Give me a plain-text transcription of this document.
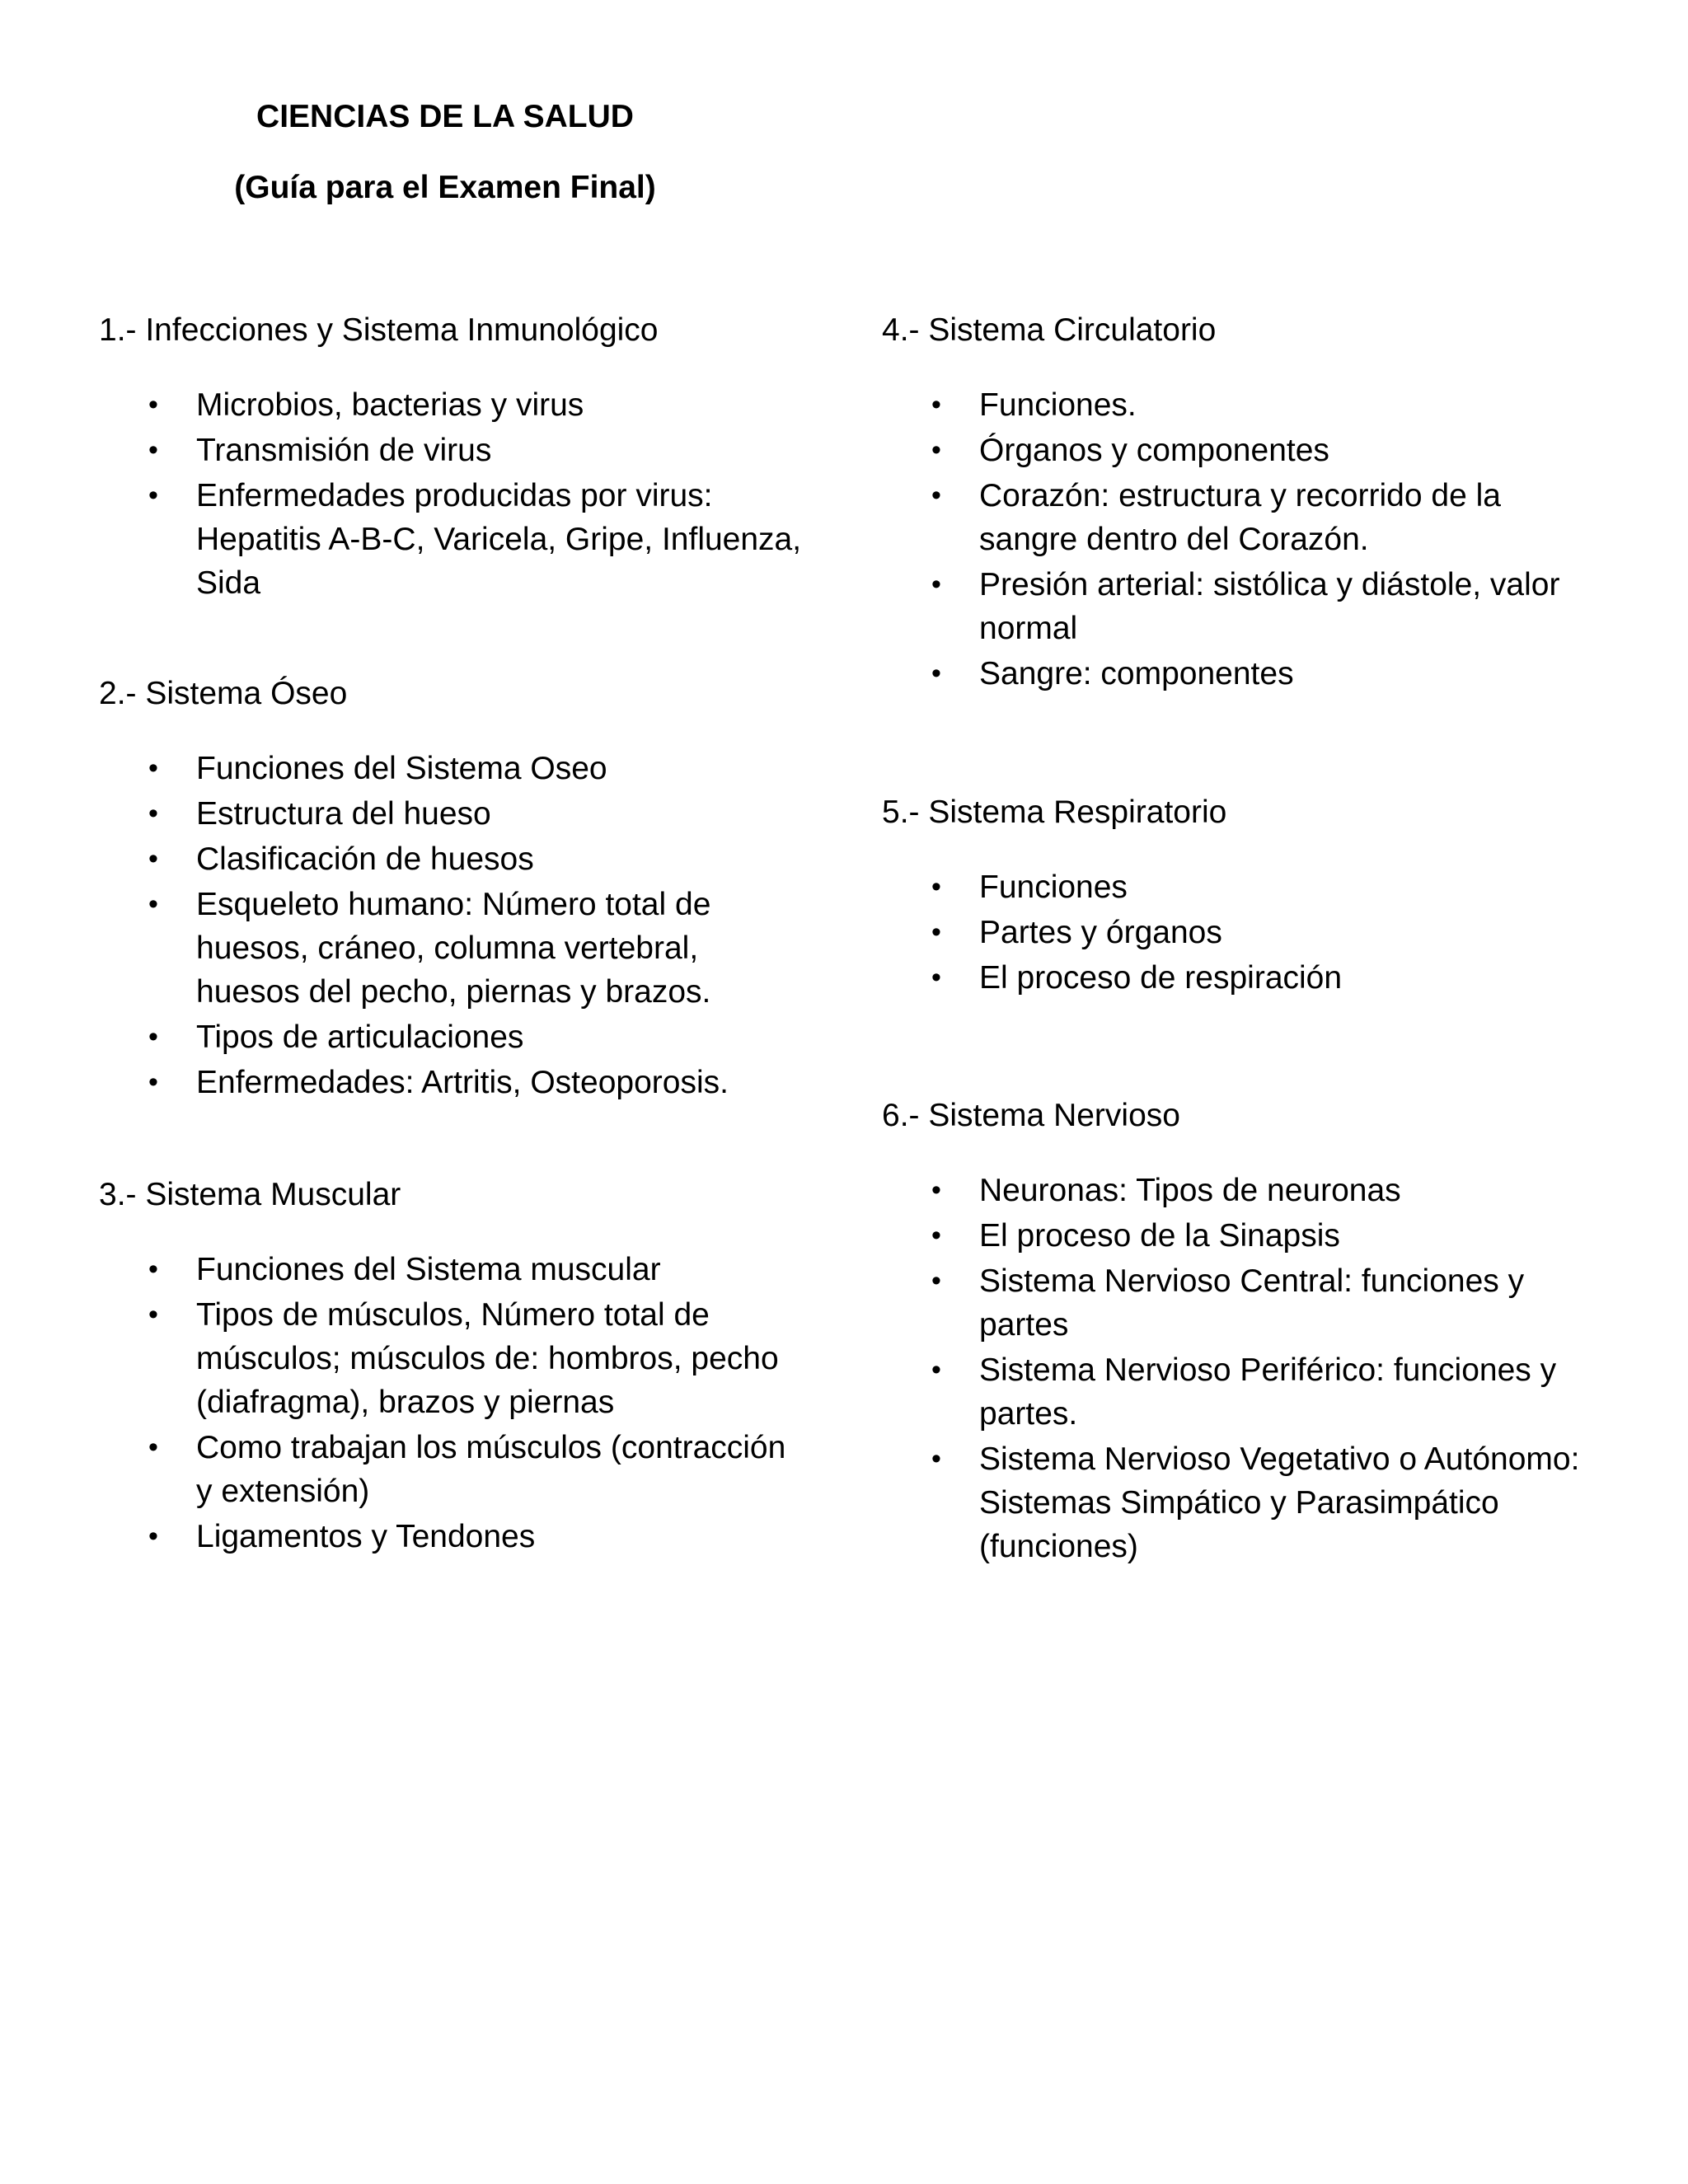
CIENCIAS DE LA SALUD
(Guía para el Examen Final)
1.- Infecciones y Sistema Inmunológico
• Microbios, bacterias y virus
• Transmisión de virus
• Enfermedades producidas por virus: Hepatitis A-B-C, Varicela, Gripe, Influenza, Sida
2.- Sistema Óseo
• Funciones del Sistema Oseo
• Estructura del hueso
• Clasificación de huesos
• Esqueleto humano: Número total de huesos, cráneo, columna vertebral, huesos del pecho, piernas y brazos.
• Tipos de articulaciones
• Enfermedades: Artritis, Osteoporosis.
3.- Sistema Muscular
• Funciones del Sistema muscular
• Tipos de músculos, Número total de músculos; músculos de: hombros, pecho (diafragma), brazos y piernas
• Como trabajan los músculos (contracción y extensión)
• Ligamentos y Tendones
4.- Sistema Circulatorio
• Funciones.
• Órganos y componentes
• Corazón: estructura y recorrido de la sangre dentro del Corazón.
• Presión arterial: sistólica y diástole, valor normal
• Sangre: componentes
5.- Sistema Respiratorio
• Funciones
• Partes y órganos
• El proceso de respiración
6.- Sistema Nervioso
• Neuronas: Tipos de neuronas
• El proceso de la Sinapsis
• Sistema Nervioso Central: funciones y partes
• Sistema Nervioso Periférico: funciones y partes.
• Sistema Nervioso Vegetativo o Autónomo: Sistemas Simpático y Parasimpático (funciones)
